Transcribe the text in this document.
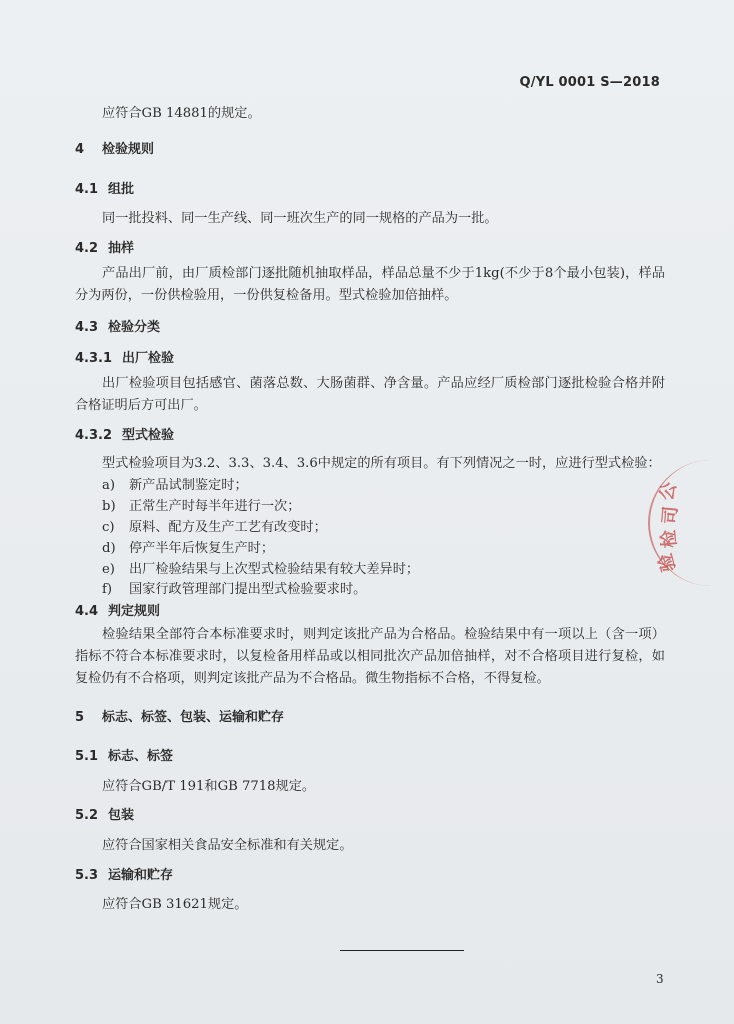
Q/YL 0001 S—2018
应符合GB 14881的规定。
4 检验规则
4.1 组批
同一批投料、同一生产线、同一班次生产的同一规格的产品为一批。
4.2 抽样
产品出厂前，由厂质检部门逐批随机抽取样品，样品总量不少于1kg(不少于8个最小包装)，样品分为两份，一份供检验用，一份供复检备用。型式检验加倍抽样。
4.3 检验分类
4.3.1 出厂检验
出厂检验项目包括感官、菌落总数、大肠菌群、净含量。产品应经厂质检部门逐批检验合格并附合格证明后方可出厂。
4.3.2 型式检验
型式检验项目为3.2、3.3、3.4、3.6中规定的所有项目。有下列情况之一时，应进行型式检验：
a) 新产品试制鉴定时；
b) 正常生产时每半年进行一次；
c) 原料、配方及生产工艺有改变时；
d) 停产半年后恢复生产时；
e) 出厂检验结果与上次型式检验结果有较大差异时；
f) 国家行政管理部门提出型式检验要求时。
4.4 判定规则
检验结果全部符合本标准要求时，则判定该批产品为合格品。检验结果中有一项以上（含一项）指标不符合本标准要求时，以复检备用样品或以相同批次产品加倍抽样，对不合格项目进行复检，如复检仍有不合格项，则判定该批产品为不合格品。微生物指标不合格，不得复检。
5 标志、标签、包装、运输和贮存
5.1 标志、标签
应符合GB/T 191和GB 7718规定。
5.2 包装
应符合国家相关食品安全标准和有关规定。
5.3 运输和贮存
应符合GB 31621规定。
公
司
检
验
3
